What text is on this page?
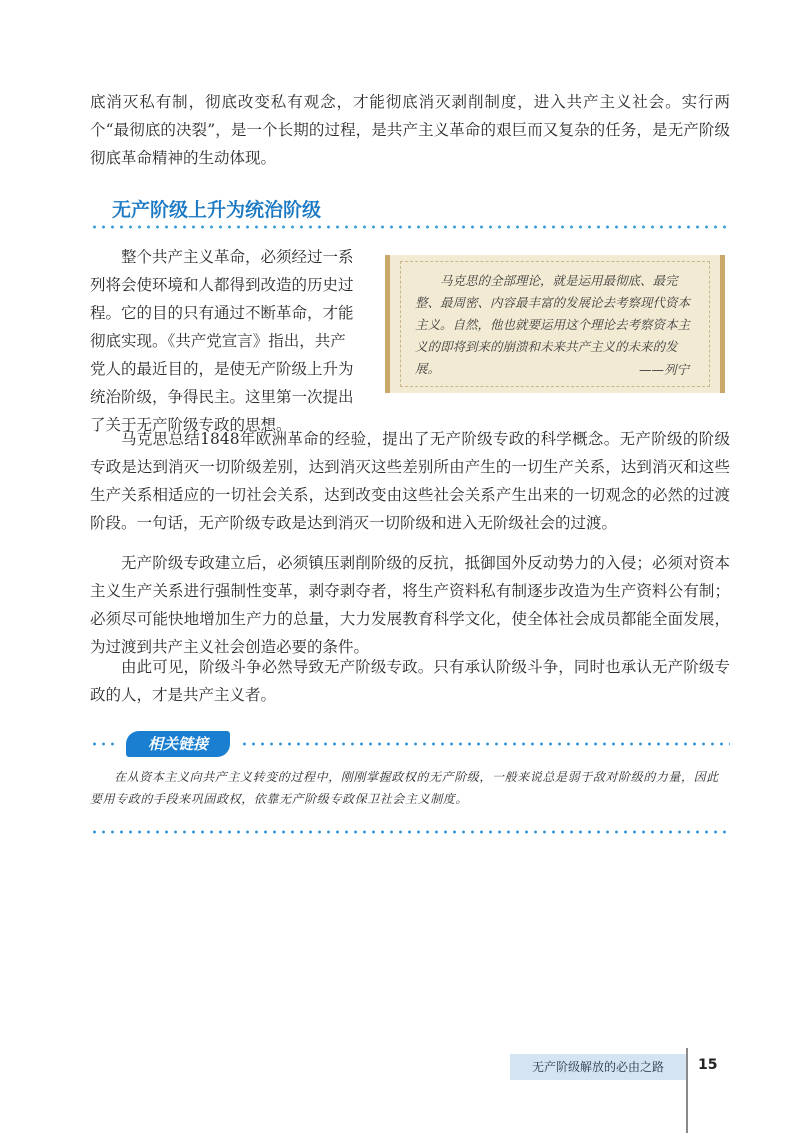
底消灭私有制，彻底改变私有观念，才能彻底消灭剥削制度，进入共产主义社会。实行两个“最彻底的决裂”，是一个长期的过程，是共产主义革命的艰巨而又复杂的任务，是无产阶级彻底革命精神的生动体现。

无产阶级上升为统治阶级
整个共产主义革命，必须经过一系
列将会使环境和人都得到改造的历史过
程。它的目的只有通过不断革命，才能
彻底实现。《共产党宣言》指出，共产
党人的最近目的，是使无产阶级上升为
统治阶级，争得民主。这里第一次提出
了关于无产阶级专政的思想。

马克思的全部理论，就是运用最彻底、最完整、最周密、内容最丰富的发展论去考察现代资本主义。自然，他也就要运用这个理论去考察资本主义的即将到来的崩溃和未来共产主义的未来的发展。	——列宁

马克思总结1848年欧洲革命的经验，提出了无产阶级专政的科学概念。无产阶级的阶级专政是达到消灭一切阶级差别，达到消灭这些差别所由产生的一切生产关系，达到消灭和这些生产关系相适应的一切社会关系，达到改变由这些社会关系产生出来的一切观念的必然的过渡阶段。一句话，无产阶级专政是达到消灭一切阶级和进入无阶级社会的过渡。

无产阶级专政建立后，必须镇压剥削阶级的反抗，抵御国外反动势力的入侵；必须对资本主义生产关系进行强制性变革，剥夺剥夺者，将生产资料私有制逐步改造为生产资料公有制；必须尽可能快地增加生产力的总量，大力发展教育科学文化，使全体社会成员都能全面发展，为过渡到共产主义社会创造必要的条件。

由此可见，阶级斗争必然导致无产阶级专政。只有承认阶级斗争，同时也承认无产阶级专政的人，才是共产主义者。

相关链接

在从资本主义向共产主义转变的过程中，刚刚掌握政权的无产阶级，一般来说总是弱于敌对阶级的力量，因此要用专政的手段来巩固政权，依靠无产阶级专政保卫社会主义制度。

无产阶级解放的必由之路	15
